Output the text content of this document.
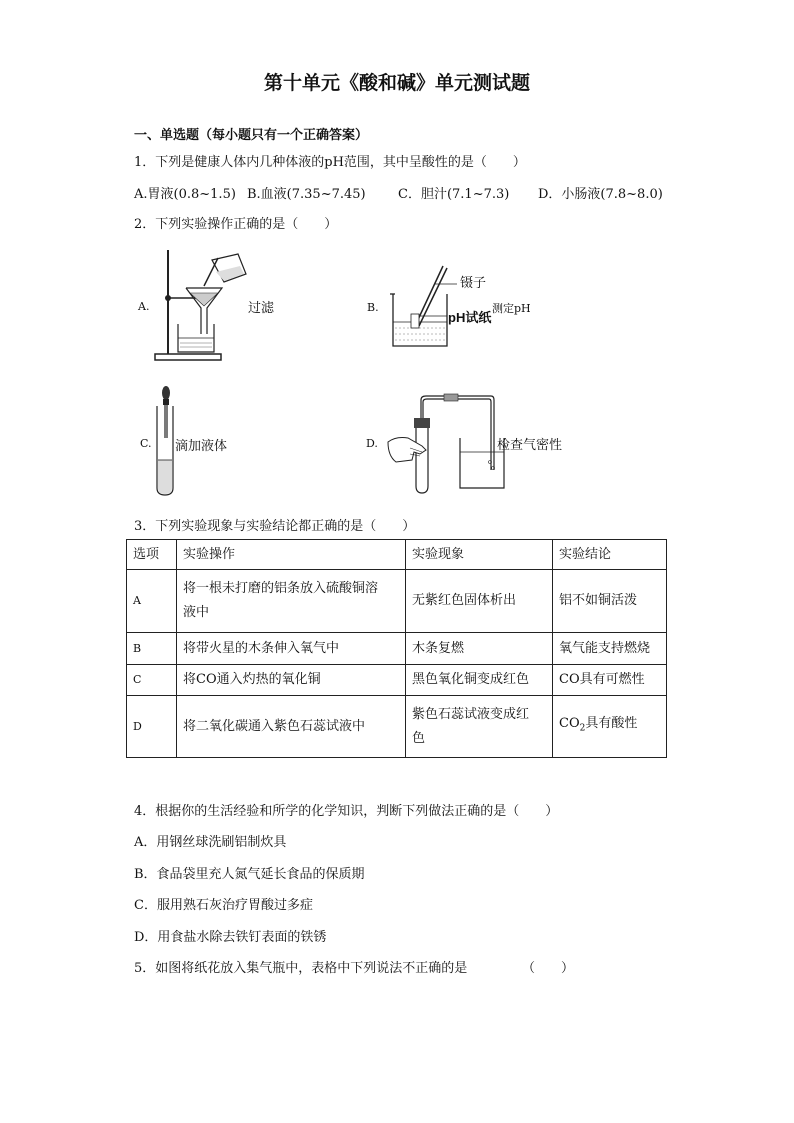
第十单元《酸和碱》单元测试题
一、单选题（每小题只有一个正确答案）
1．下列是健康人体内几种体液的pH范围，其中呈酸性的是（　　）
A.胃液(0.8~1.5) B.血液(7.35~7.45) C．胆汁(7.1~7.3) D．小肠液(7.8~8.0)
2．下列实验操作正确的是（　　）
A.	过滤	B.
镊子
pH试纸
测定pH
C. 滴加液体	D.	检查气密性
3．下列实验现象与实验结论都正确的是（　　）
选项	实验操作	实验现象	实验结论
A	将一根未打磨的铝条放入硫酸铜溶
液中	无紫红色固体析出	铝不如铜活泼
B	将带火星的木条伸入氧气中	木条复燃	氧气能支持燃烧
C	将CO通入灼热的氧化铜	黑色氧化铜变成红色	CO具有可燃性
D	将二氧化碳通入紫色石蕊试液中	紫色石蕊试液变成红
色	$CO_2$具有酸性
4．根据你的生活经验和所学的化学知识，判断下列做法正确的是（　　）
A．用钢丝球洗刷铝制炊具
B．食品袋里充人氮气延长食品的保质期
C．服用熟石灰治疗胃酸过多症
D．用食盐水除去铁钉表面的铁锈
5．如图将纸花放入集气瓶中，表格中下列说法不正确的是	（　　）
